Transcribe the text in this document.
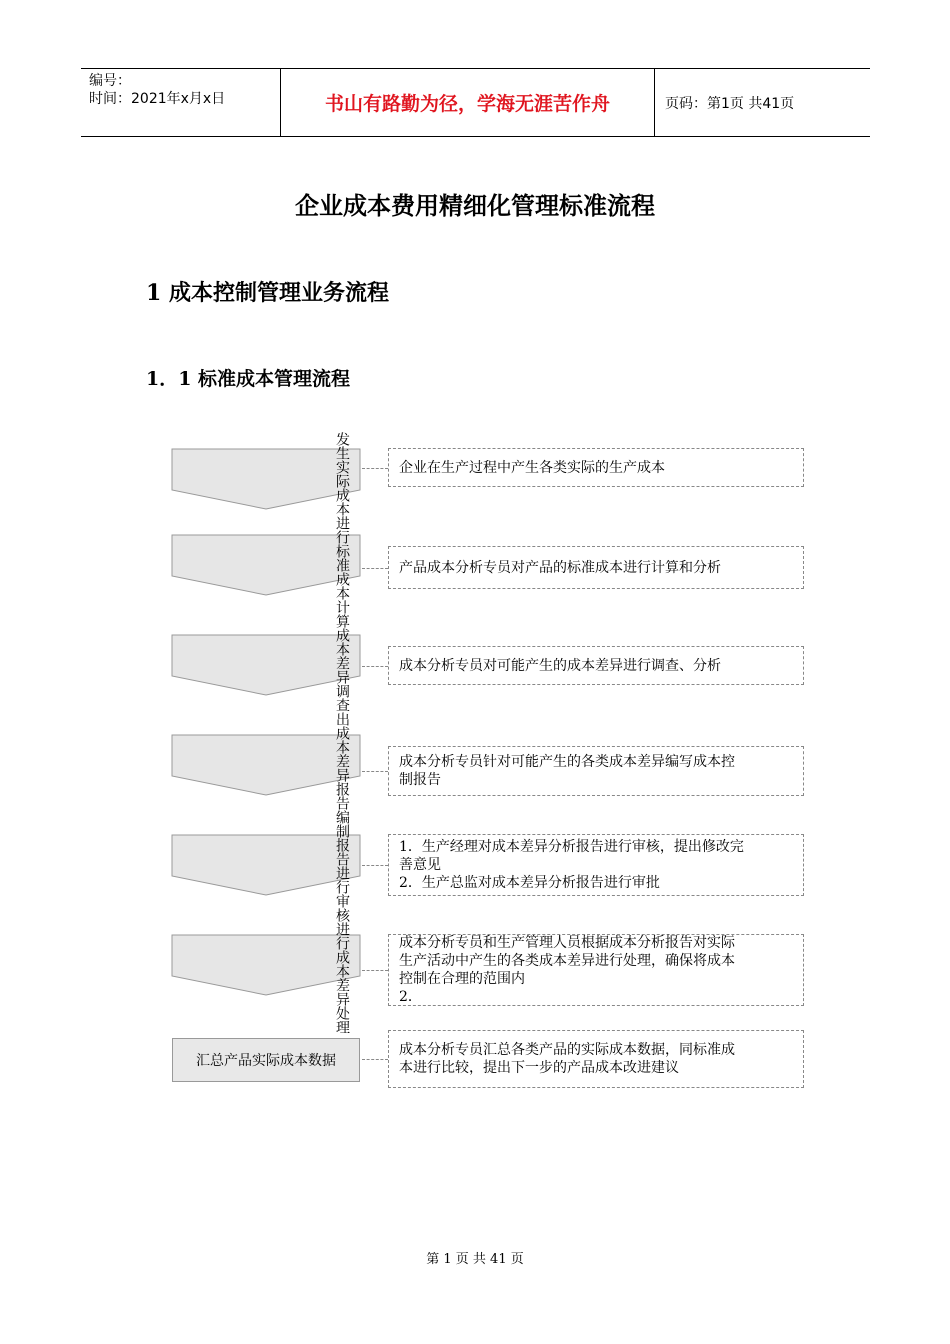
编号：
时间：2021年x月x日	书山有路勤为径，学海无涯苦作舟	页码：第1页 共41页
企业成本费用精细化管理标准流程
1 成本控制管理业务流程
1．1 标准成本管理流程
发生实际成本进行标准成本计算成本差异调查出成本差异报告编制报告进行审核进行成本差异处理
汇总产品实际成本数据
企业在生产过程中产生各类实际的生产成本
产品成本分析专员对产品的标准成本进行计算和分析
成本分析专员对可能产生的成本差异进行调查、分析
成本分析专员针对可能产生的各类成本差异编写成本控
制报告
1．生产经理对成本差异分析报告进行审核，提出修改完
善意见
2．生产总监对成本差异分析报告进行审批
成本分析专员和生产管理人员根据成本分析报告对实际
生产活动中产生的各类成本差异进行处理，确保将成本
控制在合理的范围内
2．
成本分析专员汇总各类产品的实际成本数据，同标准成
本进行比较，提出下一步的产品成本改进建议
第 1 页 共 41 页
